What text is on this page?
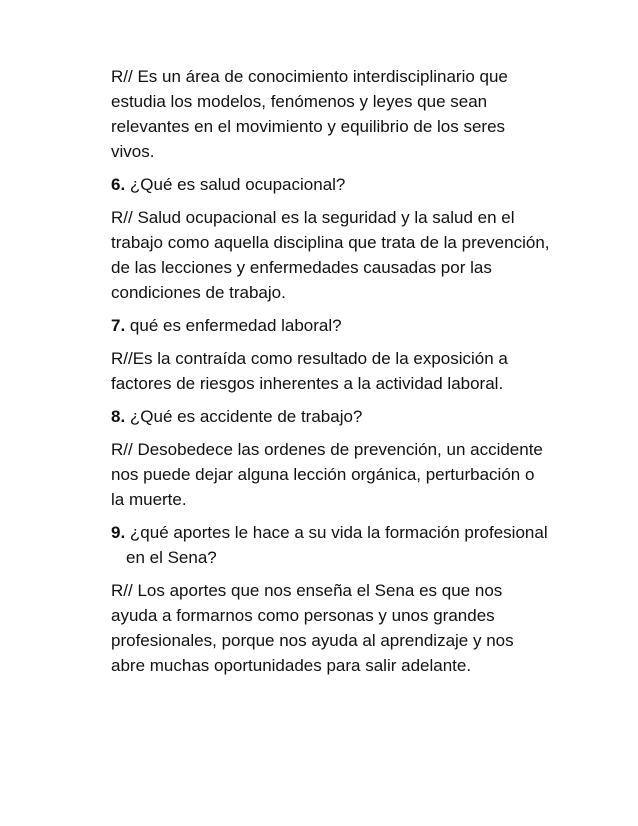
R// Es un área de conocimiento interdisciplinario que estudia los modelos, fenómenos y leyes que sean relevantes en el movimiento y equilibrio de los seres vivos.

6. ¿Qué es salud ocupacional?

R// Salud ocupacional es la seguridad y la salud en el trabajo como aquella disciplina que trata de la prevención, de las lecciones y enfermedades causadas por las condiciones de trabajo.

7. qué es enfermedad laboral?

R//Es la contraída como resultado de la exposición a factores de riesgos inherentes a la actividad laboral.

8. ¿Qué es accidente de trabajo?

R// Desobedece las ordenes de prevención, un accidente nos puede dejar alguna lección orgánica, perturbación o la muerte.

9. ¿qué aportes le hace a su vida la formación profesional en el Sena?

R// Los aportes que nos enseña el Sena es que nos ayuda a formarnos como personas y unos grandes profesionales, porque nos ayuda al aprendizaje y nos abre muchas oportunidades para salir adelante.
